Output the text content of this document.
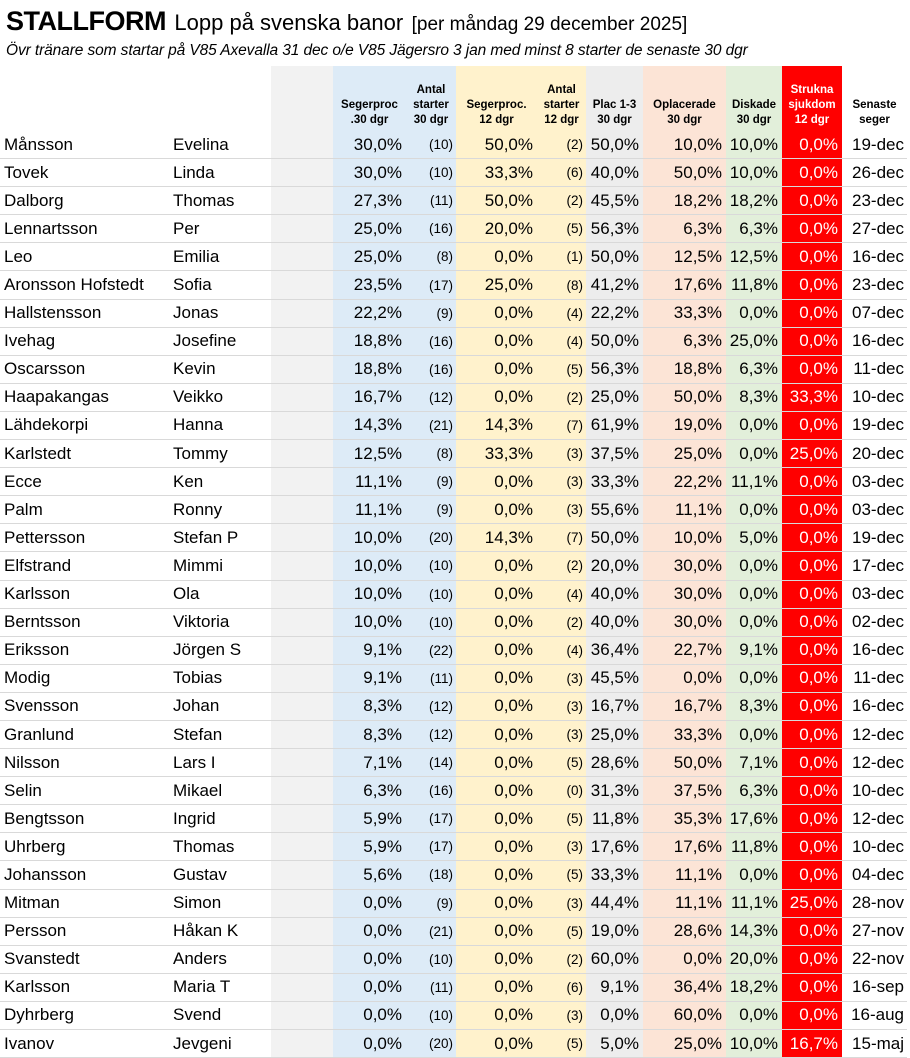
STALLFORM Lopp på svenska banor [per måndag 29 december 2025]
Övr tränare som startar på V85 Axevalla 31 dec o/e V85 Jägersro 3 jan med minst 8 starter de senaste 30 dgr
			Segerproc
.30 dgr	Antal
starter
30 dgr	Segerproc.
12 dgr	Antal
starter
12 dgr	Plac 1-3
30 dgr	Oplacerade
30 dgr	Diskade
30 dgr	Strukna
sjukdom
12 dgr	Senaste
seger
Månsson	Evelina		30,0%	(10)	50,0%	(2)	50,0%	10,0%	10,0%	0,0%	19-dec
Tovek	Linda		30,0%	(10)	33,3%	(6)	40,0%	50,0%	10,0%	0,0%	26-dec
Dalborg	Thomas		27,3%	(11)	50,0%	(2)	45,5%	18,2%	18,2%	0,0%	23-dec
Lennartsson	Per		25,0%	(16)	20,0%	(5)	56,3%	6,3%	6,3%	0,0%	27-dec
Leo	Emilia		25,0%	(8)	0,0%	(1)	50,0%	12,5%	12,5%	0,0%	16-dec
Aronsson Hofstedt	Sofia		23,5%	(17)	25,0%	(8)	41,2%	17,6%	11,8%	0,0%	23-dec
Hallstensson	Jonas		22,2%	(9)	0,0%	(4)	22,2%	33,3%	0,0%	0,0%	07-dec
Ivehag	Josefine		18,8%	(16)	0,0%	(4)	50,0%	6,3%	25,0%	0,0%	16-dec
Oscarsson	Kevin		18,8%	(16)	0,0%	(5)	56,3%	18,8%	6,3%	0,0%	11-dec
Haapakangas	Veikko		16,7%	(12)	0,0%	(2)	25,0%	50,0%	8,3%	33,3%	10-dec
Lähdekorpi	Hanna		14,3%	(21)	14,3%	(7)	61,9%	19,0%	0,0%	0,0%	19-dec
Karlstedt	Tommy		12,5%	(8)	33,3%	(3)	37,5%	25,0%	0,0%	25,0%	20-dec
Ecce	Ken		11,1%	(9)	0,0%	(3)	33,3%	22,2%	11,1%	0,0%	03-dec
Palm	Ronny		11,1%	(9)	0,0%	(3)	55,6%	11,1%	0,0%	0,0%	03-dec
Pettersson	Stefan P		10,0%	(20)	14,3%	(7)	50,0%	10,0%	5,0%	0,0%	19-dec
Elfstrand	Mimmi		10,0%	(10)	0,0%	(2)	20,0%	30,0%	0,0%	0,0%	17-dec
Karlsson	Ola		10,0%	(10)	0,0%	(4)	40,0%	30,0%	0,0%	0,0%	03-dec
Berntsson	Viktoria		10,0%	(10)	0,0%	(2)	40,0%	30,0%	0,0%	0,0%	02-dec
Eriksson	Jörgen S		9,1%	(22)	0,0%	(4)	36,4%	22,7%	9,1%	0,0%	16-dec
Modig	Tobias		9,1%	(11)	0,0%	(3)	45,5%	0,0%	0,0%	0,0%	11-dec
Svensson	Johan		8,3%	(12)	0,0%	(3)	16,7%	16,7%	8,3%	0,0%	16-dec
Granlund	Stefan		8,3%	(12)	0,0%	(3)	25,0%	33,3%	0,0%	0,0%	12-dec
Nilsson	Lars I		7,1%	(14)	0,0%	(5)	28,6%	50,0%	7,1%	0,0%	12-dec
Selin	Mikael		6,3%	(16)	0,0%	(0)	31,3%	37,5%	6,3%	0,0%	10-dec
Bengtsson	Ingrid		5,9%	(17)	0,0%	(5)	11,8%	35,3%	17,6%	0,0%	12-dec
Uhrberg	Thomas		5,9%	(17)	0,0%	(3)	17,6%	17,6%	11,8%	0,0%	10-dec
Johansson	Gustav		5,6%	(18)	0,0%	(5)	33,3%	11,1%	0,0%	0,0%	04-dec
Mitman	Simon		0,0%	(9)	0,0%	(3)	44,4%	11,1%	11,1%	25,0%	28-nov
Persson	Håkan K		0,0%	(21)	0,0%	(5)	19,0%	28,6%	14,3%	0,0%	27-nov
Svanstedt	Anders		0,0%	(10)	0,0%	(2)	60,0%	0,0%	20,0%	0,0%	22-nov
Karlsson	Maria T		0,0%	(11)	0,0%	(6)	9,1%	36,4%	18,2%	0,0%	16-sep
Dyhrberg	Svend		0,0%	(10)	0,0%	(3)	0,0%	60,0%	0,0%	0,0%	16-aug
Ivanov	Jevgeni		0,0%	(20)	0,0%	(5)	5,0%	25,0%	10,0%	16,7%	15-maj
